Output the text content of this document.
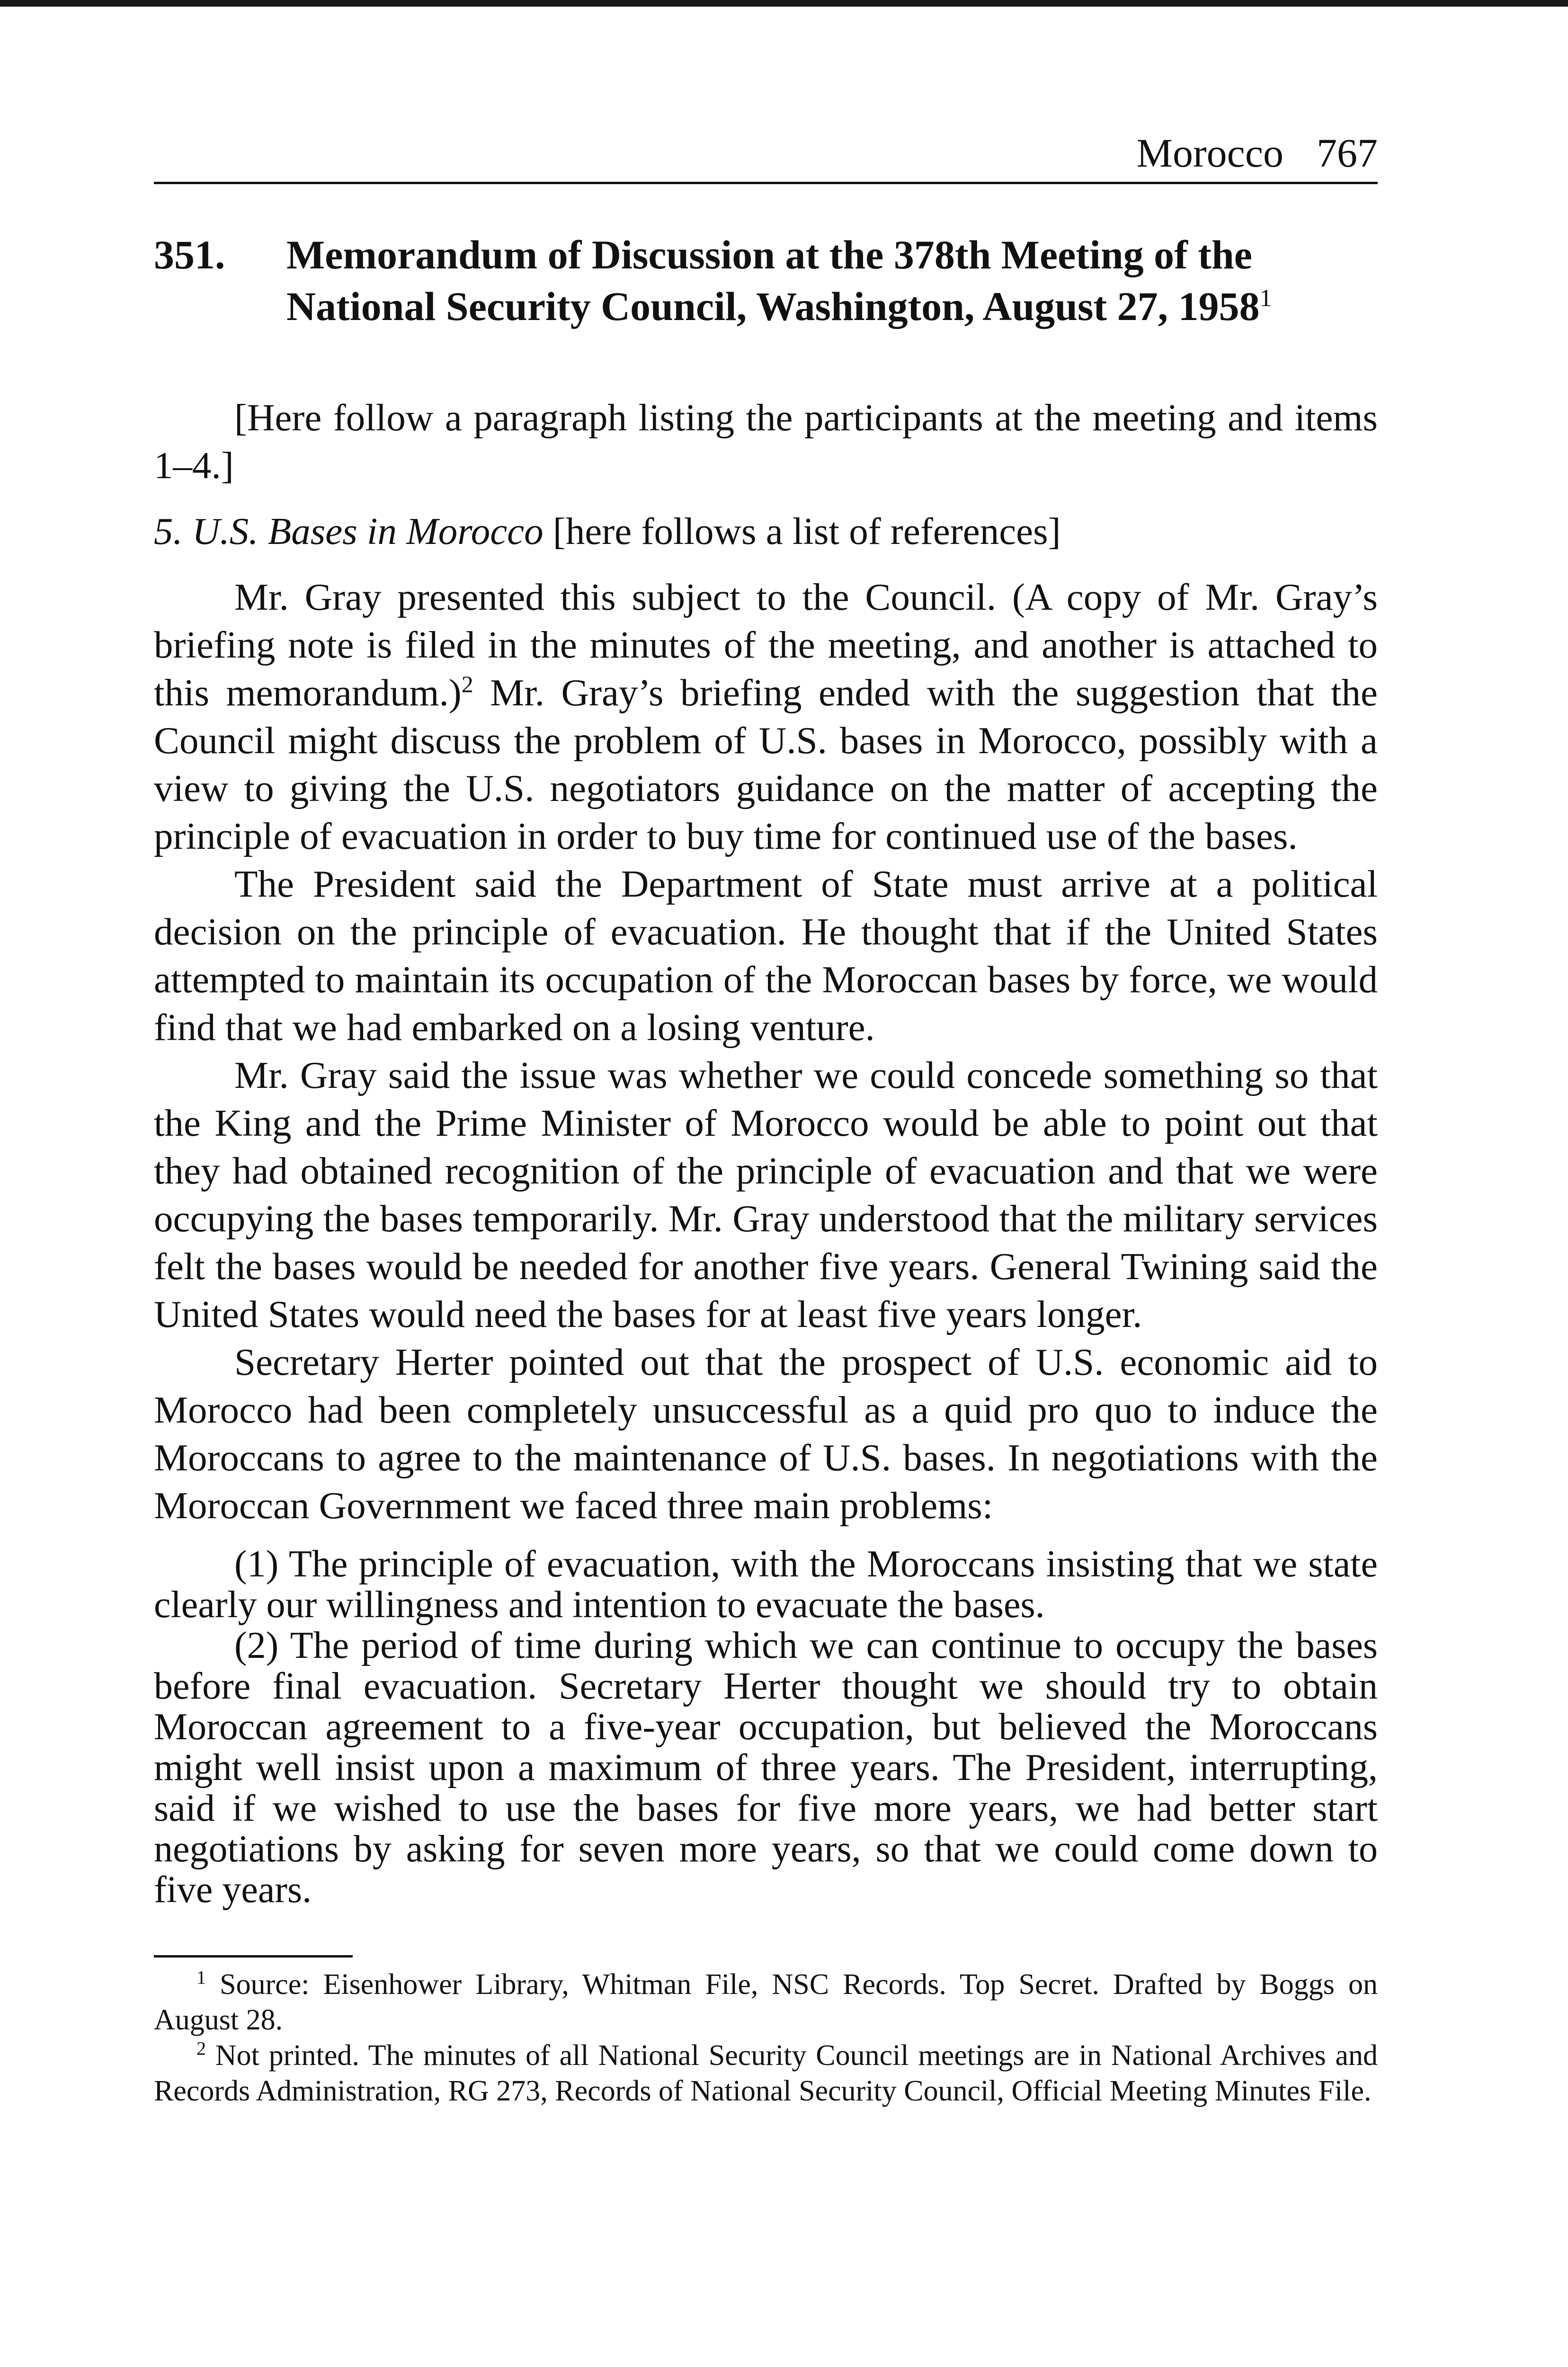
Morocco 767
351.	Memorandum of Discussion at the 378th Meeting of the National Security Council, Washington, August 27, 1958$^1$

[Here follow a paragraph listing the participants at the meeting and items 1–4.]

5. U.S. Bases in Morocco [here follows a list of references]

Mr. Gray presented this subject to the Council. (A copy of Mr. Gray’s briefing note is filed in the minutes of the meeting, and another is attached to this memorandum.)$^2$ Mr. Gray’s briefing ended with the suggestion that the Council might discuss the problem of U.S. bases in Morocco, possibly with a view to giving the U.S. negotiators guidance on the matter of accepting the principle of evacuation in order to buy time for continued use of the bases.

The President said the Department of State must arrive at a political decision on the principle of evacuation. He thought that if the United States attempted to maintain its occupation of the Moroccan bases by force, we would find that we had embarked on a losing venture.

Mr. Gray said the issue was whether we could concede something so that the King and the Prime Minister of Morocco would be able to point out that they had obtained recognition of the principle of evacuation and that we were occupying the bases temporarily. Mr. Gray understood that the military services felt the bases would be needed for another five years. General Twining said the United States would need the bases for at least five years longer.

Secretary Herter pointed out that the prospect of U.S. economic aid to Morocco had been completely unsuccessful as a quid pro quo to induce the Moroccans to agree to the maintenance of U.S. bases. In negotiations with the Moroccan Government we faced three main problems:

(1) The principle of evacuation, with the Moroccans insisting that we state clearly our willingness and intention to evacuate the bases.

(2) The period of time during which we can continue to occupy the bases before final evacuation. Secretary Herter thought we should try to obtain Moroccan agreement to a five-year occupation, but believed the Moroccans might well insist upon a maximum of three years. The President, interrupting, said if we wished to use the bases for five more years, we had better start negotiations by asking for seven more years, so that we could come down to five years.

$^1$ Source: Eisenhower Library, Whitman File, NSC Records. Top Secret. Drafted by Boggs on August 28.

$^2$ Not printed. The minutes of all National Security Council meetings are in National Archives and Records Administration, RG 273, Records of National Security Council, Official Meeting Minutes File.
